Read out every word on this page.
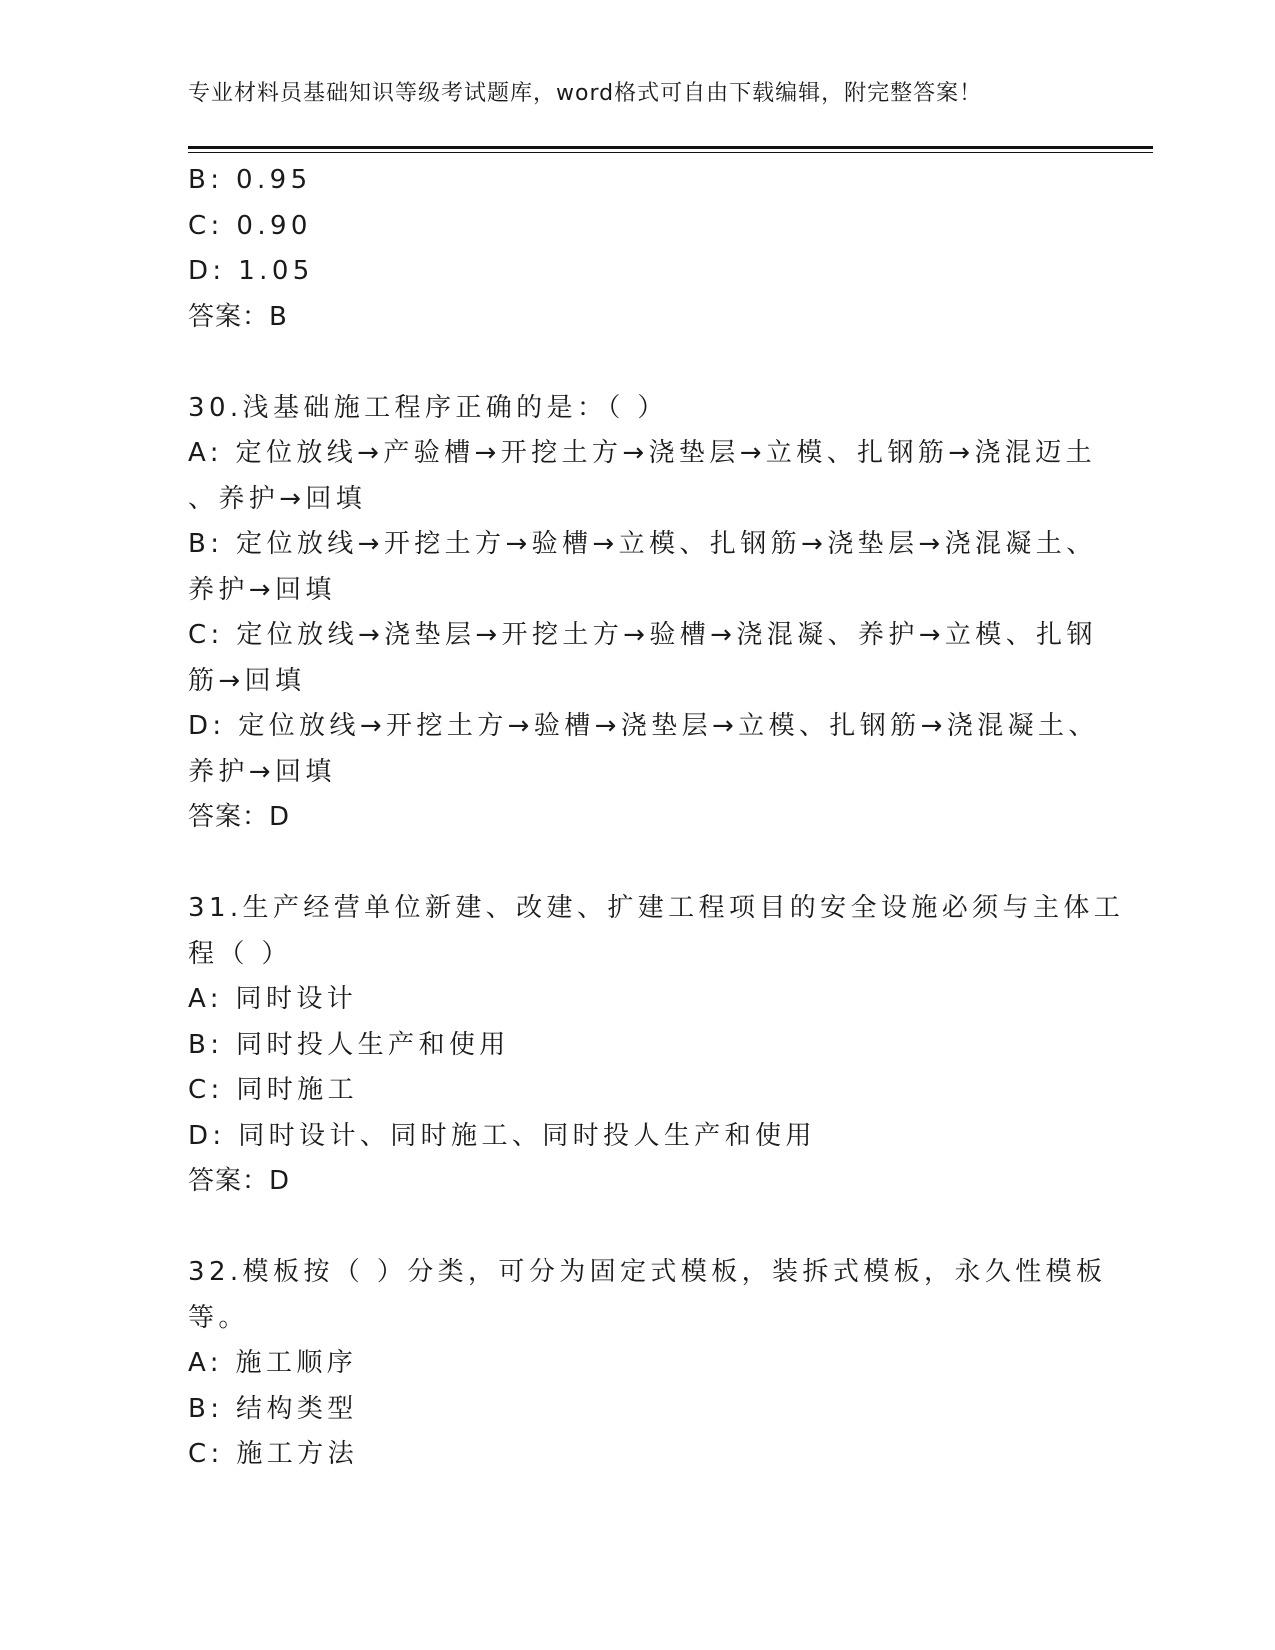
专业材料员基础知识等级考试题库，word格式可自由下载编辑，附完整答案！
B: 0.95
C: 0.90
D: 1.05
答案：B
30.浅基础施工程序正确的是：（ ）
A: 定位放线→产验槽→开挖土方→浇垫层→立模、扎钢筋→浇混迈土
、养护→回填
B: 定位放线→开挖土方→验槽→立模、扎钢筋→浇垫层→浇混凝土、
养护→回填
C: 定位放线→浇垫层→开挖土方→验槽→浇混凝、养护→立模、扎钢
筋→回填
D: 定位放线→开挖土方→验槽→浇垫层→立模、扎钢筋→浇混凝土、
养护→回填
答案：D
31.生产经营单位新建、改建、扩建工程项目的安全设施必须与主体工
程（ ）
A: 同时设计
B: 同时投人生产和使用
C: 同时施工
D: 同时设计、同时施工、同时投人生产和使用
答案：D
32.模板按（ ）分类，可分为固定式模板，装拆式模板，永久性模板
等。
A: 施工顺序
B: 结构类型
C: 施工方法
